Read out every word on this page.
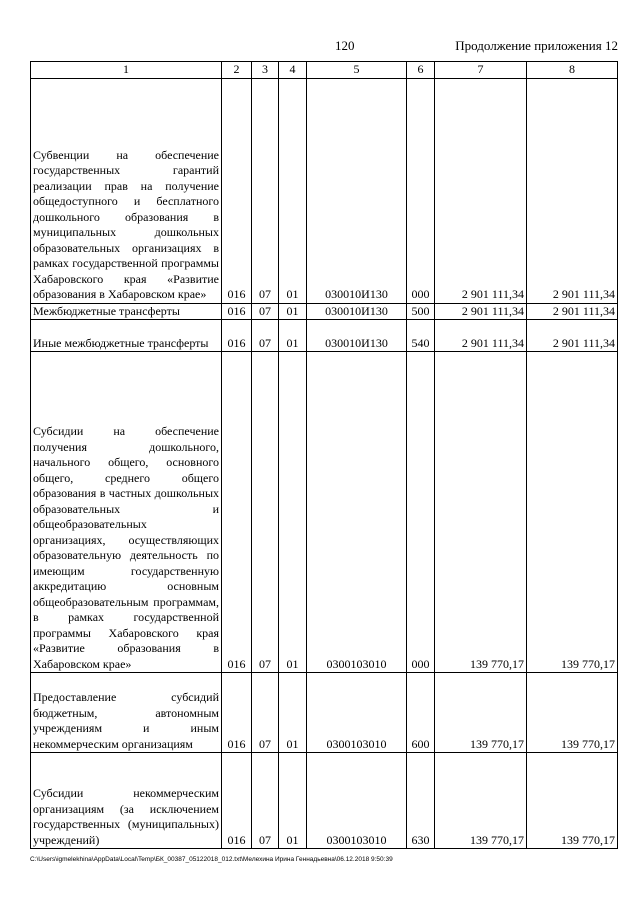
120	Продолжение приложения 12
1	2	3	4	5	6	7	8
Субвенции на обеспечение государственных гарантий реализации прав на получение общедоступного и бесплатного дошкольного образования в муниципальных дошкольных образовательных организациях в рамках государственной программы Хабаровского края «Развитие образования в Хабаровском крае»	016	07	01	030010И130	000	2 901 111,34	2 901 111,34
Межбюджетные трансферты	016	07	01	030010И130	500	2 901 111,34	2 901 111,34
Иные межбюджетные трансферты	016	07	01	030010И130	540	2 901 111,34	2 901 111,34
Субсидии на обеспечение получения дошкольного, начального общего, основного общего, среднего общего образования в частных дошкольных образовательных и общеобразовательных организациях, осуществляющих образовательную деятельность по имеющим государственную аккредитацию основным общеобразовательным программам, в рамках государственной программы Хабаровского края «Развитие образования в Хабаровском крае»	016	07	01	0300103010	000	139 770,17	139 770,17
Предоставление субсидий бюджетным, автономным учреждениям и иным некоммерческим организациям	016	07	01	0300103010	600	139 770,17	139 770,17
Субсидии некоммерческим организациям (за исключением государственных (муниципальных) учреждений)	016	07	01	0300103010	630	139 770,17	139 770,17
C:\Users\igmelekhina\AppData\Local\Temp\БК_00387_05122018_012.txt\Мелехина Ирина Геннадьевна\06.12.2018 9:50:39
